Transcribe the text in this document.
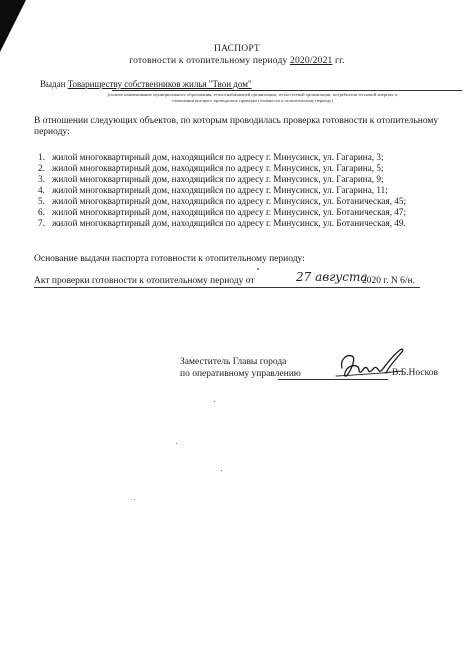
ПАСПОРТ
готовности к отопительному периоду 2020/2021 гг.
Выдан Товариществу собственников жилья "Твои дом"
(полное наименование муниципального образования, теплоснабжающей организации, теплосетевой организации, потребителя тепловой энергии, в
отношении которого проводилась проверка готовности к отопительному периоду)
В отношении следующих объектов, по которым проводилась проверка готовности к отопительному периоду:
1. жилой многоквартирный дом, находящийся по адресу г. Минусинск, ул. Гагарина, 3;
2. жилой многоквартирный дом, находящийся по адресу г. Минусинск, ул. Гагарина, 5;
3. жилой многоквартирный дом, находящийся по адресу г. Минусинск, ул. Гагарина, 9;
4. жилой многоквартирный дом, находящийся по адресу г. Минусинск, ул. Гагарина, 11;
5. жилой многоквартирный дом, находящийся по адресу г. Минусинск, ул. Ботаническая, 45;
6. жилой многоквартирный дом, находящийся по адресу г. Минусинск, ул. Ботаническая, 47;
7. жилой многоквартирный дом, находящийся по адресу г. Минусинск, ул. Ботаническая, 49.
Основание выдачи паспорта готовности к отопительному периоду:
Акт проверки готовности к отопительному периоду от	2020 г. N 6/н.
27 августа
Заместитель Главы города
по оперативному управлению	В.Б.Носков
